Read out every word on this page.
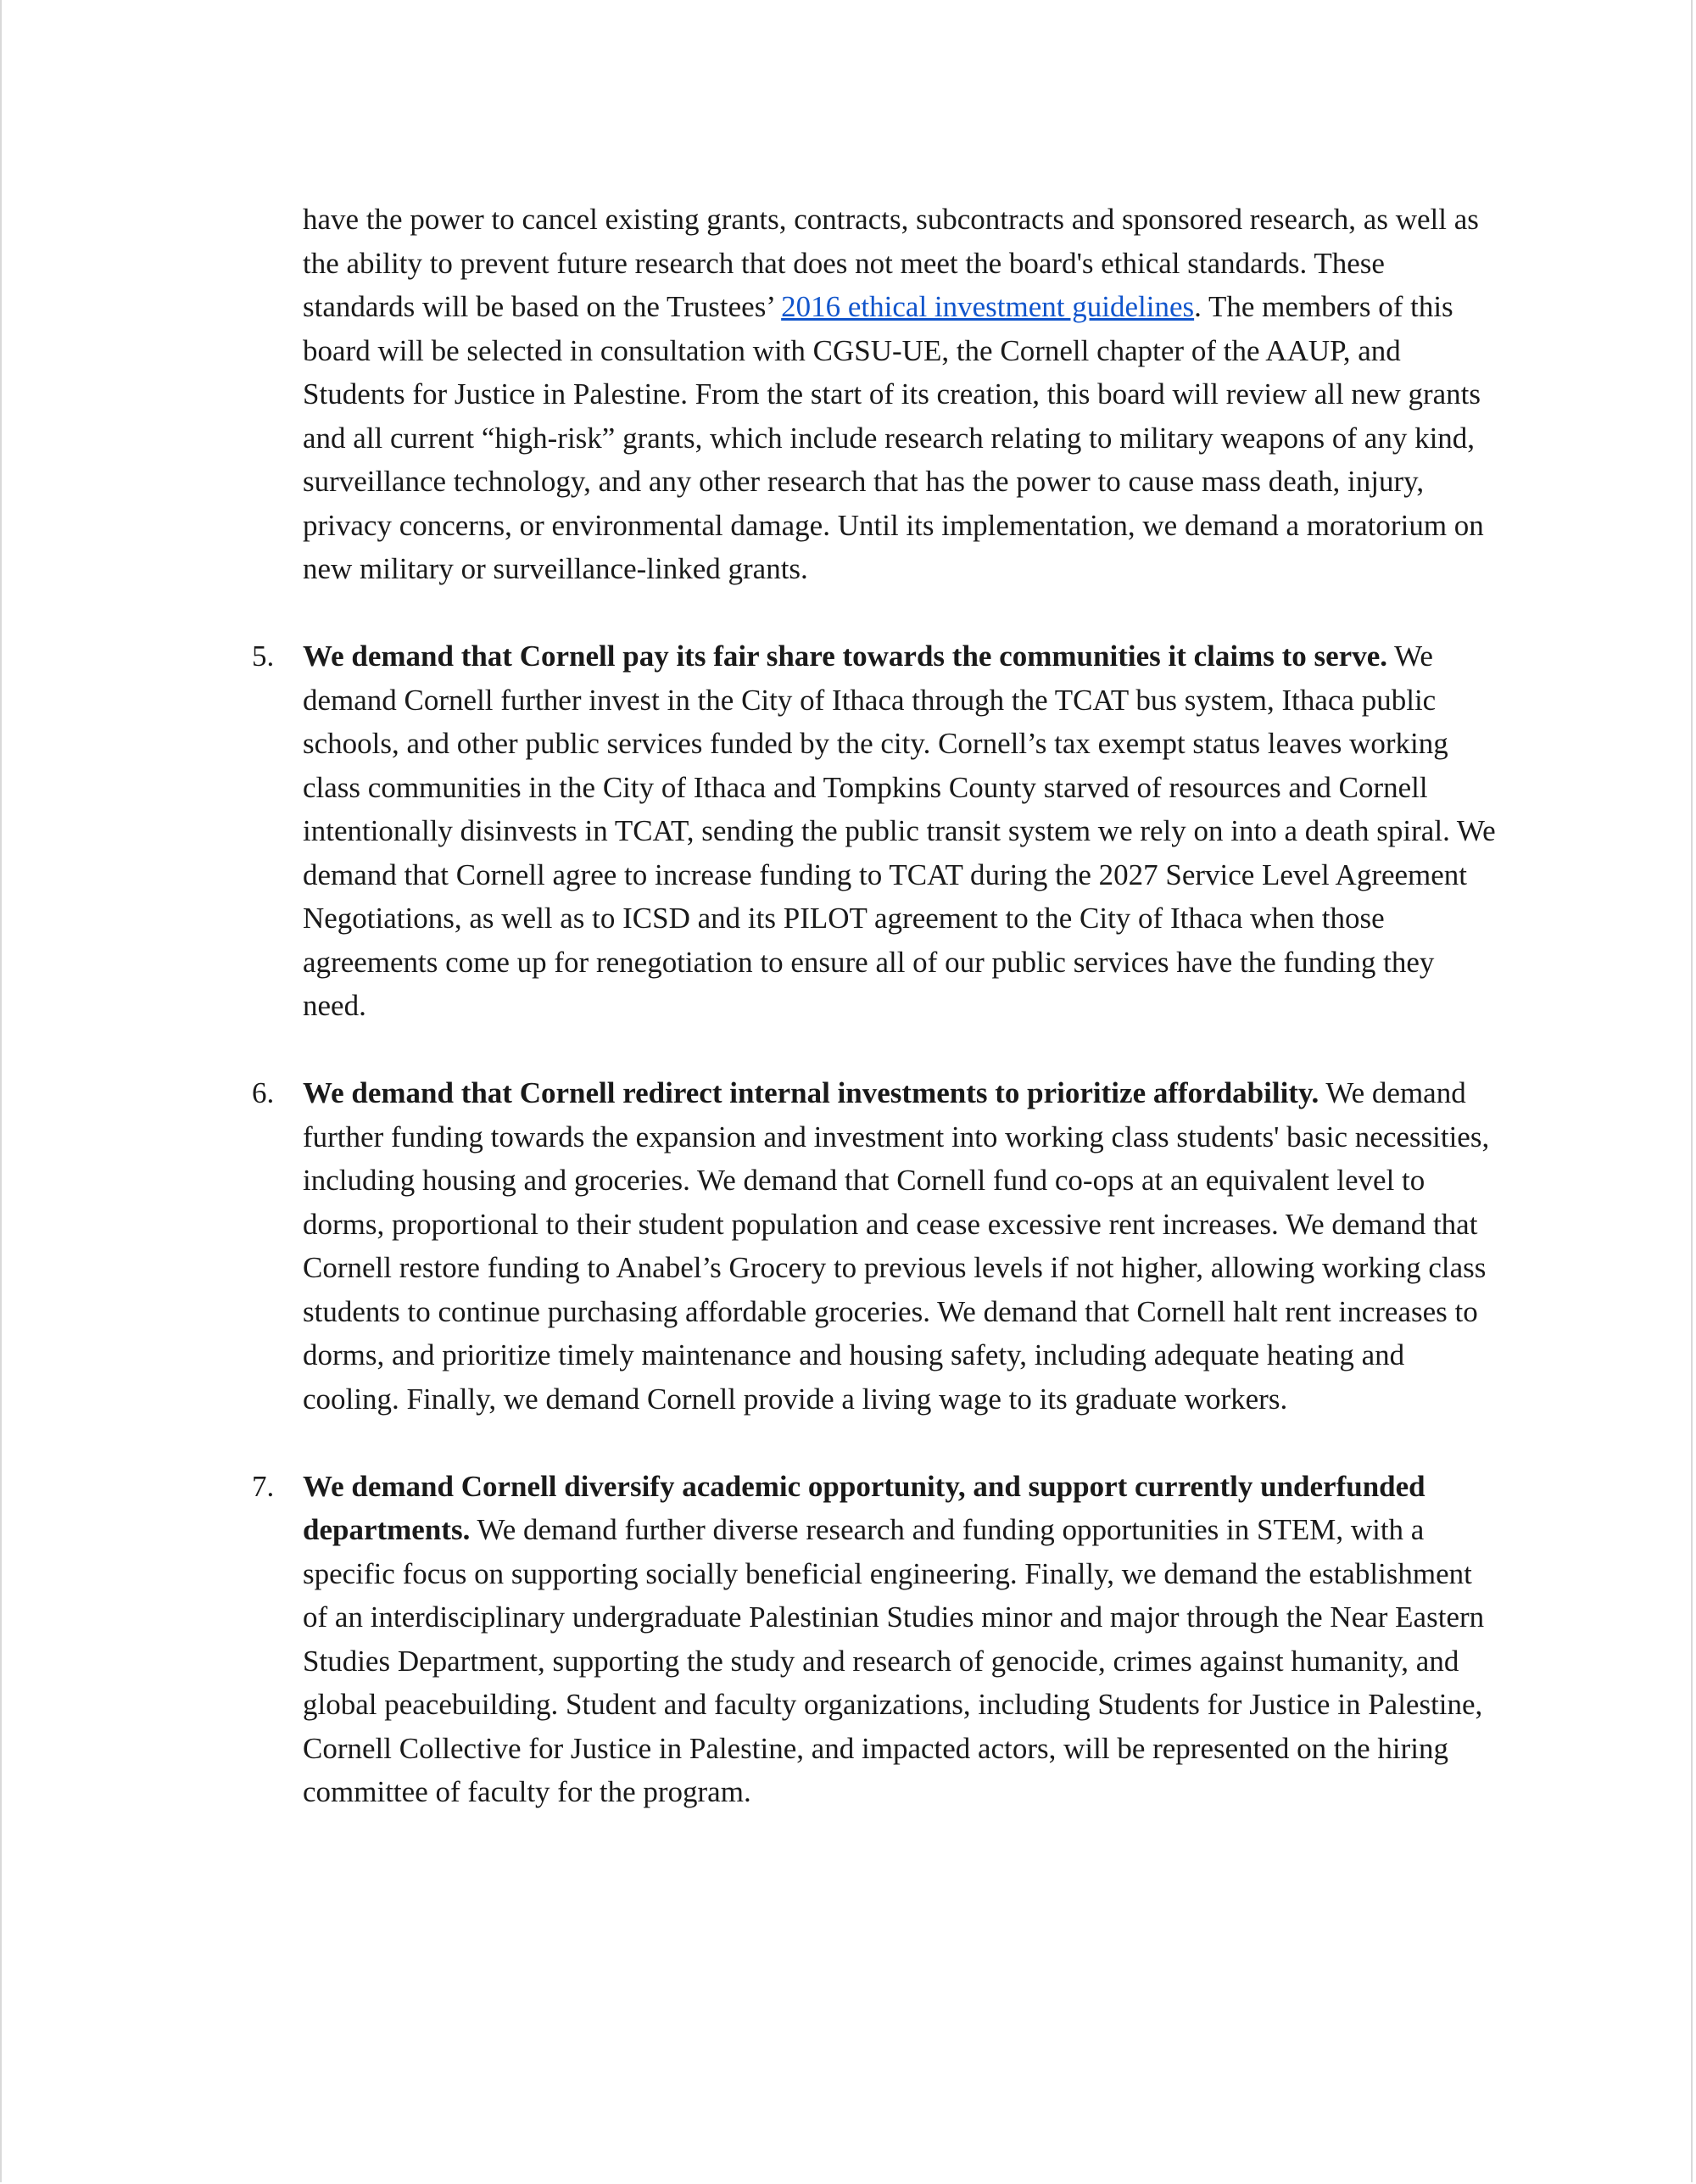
have the power to cancel existing grants, contracts, subcontracts and sponsored research, as well as the ability to prevent future research that does not meet the board's ethical standards. These standards will be based on the Trustees’ 2016 ethical investment guidelines. The members of this board will be selected in consultation with CGSU-UE, the Cornell chapter of the AAUP, and Students for Justice in Palestine. From the start of its creation, this board will review all new grants and all current “high-risk” grants, which include research relating to military weapons of any kind, surveillance technology, and any other research that has the power to cause mass death, injury, privacy concerns, or environmental damage. Until its implementation, we demand a moratorium on new military or surveillance-linked grants.

5. We demand that Cornell pay its fair share towards the communities it claims to serve. We demand Cornell further invest in the City of Ithaca through the TCAT bus system, Ithaca public schools, and other public services funded by the city. Cornell’s tax exempt status leaves working class communities in the City of Ithaca and Tompkins County starved of resources and Cornell intentionally disinvests in TCAT, sending the public transit system we rely on into a death spiral. We demand that Cornell agree to increase funding to TCAT during the 2027 Service Level Agreement Negotiations, as well as to ICSD and its PILOT agreement to the City of Ithaca when those agreements come up for renegotiation to ensure all of our public services have the funding they need.
6. We demand that Cornell redirect internal investments to prioritize affordability. We demand further funding towards the expansion and investment into working class students' basic necessities, including housing and groceries. We demand that Cornell fund co-ops at an equivalent level to dorms, proportional to their student population and cease excessive rent increases. We demand that Cornell restore funding to Anabel’s Grocery to previous levels if not higher, allowing working class students to continue purchasing affordable groceries. We demand that Cornell halt rent increases to dorms, and prioritize timely maintenance and housing safety, including adequate heating and cooling. Finally, we demand Cornell provide a living wage to its graduate workers.
7. We demand Cornell diversify academic opportunity, and support currently underfunded departments. We demand further diverse research and funding opportunities in STEM, with a specific focus on supporting socially beneficial engineering. Finally, we demand the establishment of an interdisciplinary undergraduate Palestinian Studies minor and major through the Near Eastern Studies Department, supporting the study and research of genocide, crimes against humanity, and global peacebuilding. Student and faculty organizations, including Students for Justice in Palestine, Cornell Collective for Justice in Palestine, and impacted actors, will be represented on the hiring committee of faculty for the program.
